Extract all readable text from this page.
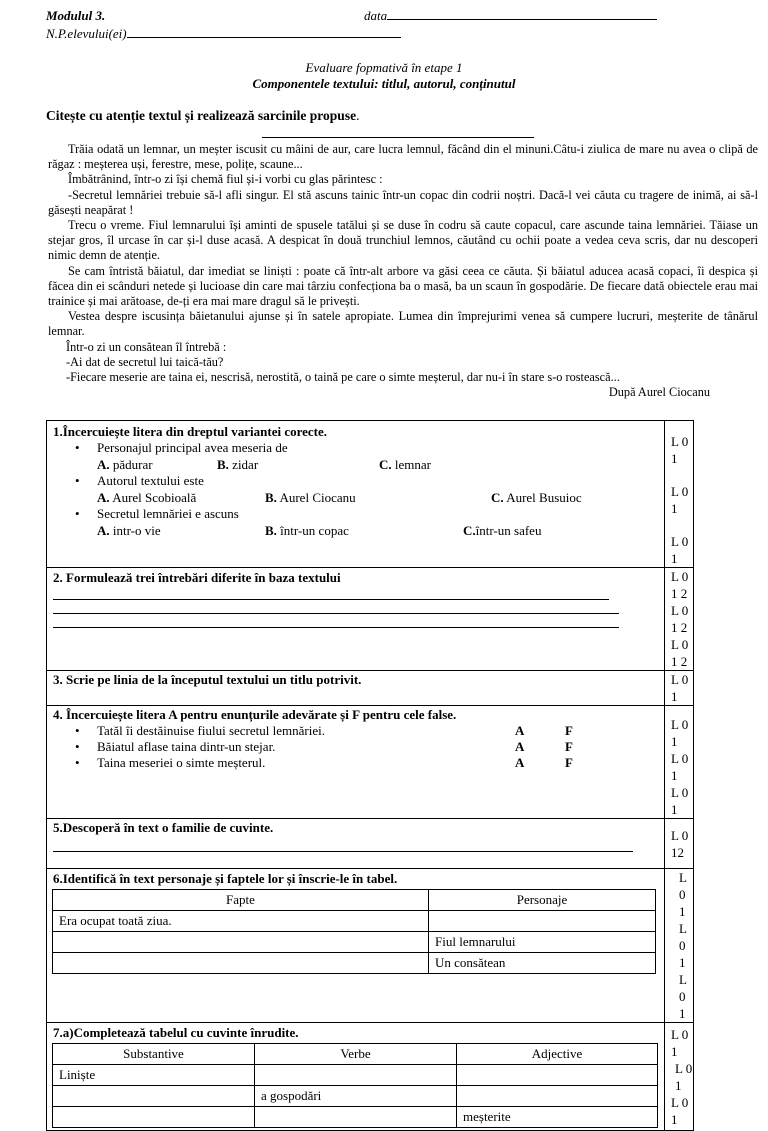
Modulul 3.	data
N.P.elevului(ei)
Evaluare fopmativă în etape 1
Componentele textului: titlul, autorul, conținutul
Citește cu atenție textul și realizează sarcinile propuse.

Trăia odată un lemnar, un meșter iscusit cu mâini de aur, care lucra lemnul, făcând din el minuni.Câtu-i ziulica de mare nu avea o clipă de răgaz : meșterea uși, ferestre, mese, polițe, scaune...

Îmbătrânind, într-o zi își chemă fiul și-i vorbi cu glas părintesc :

-Secretul lemnăriei trebuie să-l afli singur. El stă ascuns tainic într-un copac din codrii noștri. Dacă-l vei căuta cu tragere de inimă, ai să-l găsești neapărat !

Trecu o vreme. Fiul lemnarului își aminti de spusele tatălui și se duse în codru să caute copacul, care ascunde taina lemnăriei. Tăiase un stejar gros, îl urcase în car și-l duse acasă. A despicat în două trunchiul lemnos, căutând cu ochii poate a vedea ceva scris, dar nu descoperi nimic demn de atenție.

Se cam întristă băiatul, dar imediat se liniști : poate că într-alt arbore va găsi ceea ce căuta. Și băiatul aducea acasă copaci, îi despica și făcea din ei scânduri netede și lucioase din care mai târziu confecționa ba o masă, ba un scaun în gospodărie. De fiecare dată obiectele erau mai trainice și mai arătoase, de-ți era mai mare dragul să le privești.

Vestea despre iscusința băietanului ajunse și în satele apropiate. Lumea din împrejurimi venea să cumpere lucruri, meșterite de tânărul lemnar.

Într-o zi un consătean îl întrebă :

-Ai dat de secretul lui taică-tău?

-Fiecare meserie are taina ei, nescrisă, nerostită, o taină pe care o simte meșterul, dar nu-i în stare s-o rostească...

După Aurel Ciocanu

1.Încercuiește litera din dreptul variantei corecte.
• Personajul principal avea meseria de
A. pădurar	B. zidar	C. lemnar
• Autorul textului este
A. Aurel Scobioală	B. Aurel Ciocanu	C. Aurel Busuioc
• Secretul lemnăriei e ascuns
A. intr-o vie	B. într-un copac	C.într-un safeu

L 0 1
L 0 1
L 0 1

2. Formulează trei întrebări diferite în baza textului	L 0 1 2
L 0 1 2
L 0 1 2

3. Scrie pe linia de la începutul textului un titlu potrivit.	L 0 1

4. Încercuiește litera A pentru enunțurile adevărate și F pentru cele false.
• Tatăl îi destăinuise fiului secretul lemnăriei.	A	F
• Băiatul aflase taina dintr-un stejar.	A	F
• Taina meseriei o simte meșterul.	A	F

L 0 1
L 0 1
L 0 1

5.Descoperă în text o familie de cuvinte.	L 0 12

6.Identifică în text personaje și faptele lor și înscrie-le în tabel.
Fapte	Personaje
Era ocupat toată ziua.	
	Fiul lemnarului
	Un consătean

L 0 1
L 0 1
L 0 1

7.a)Completează tabelul cu cuvinte înrudite.
Substantive	Verbe	Adjective
Liniște		
	a gospodări	
		meșterite

L 0 1
L 0 1
L 0 1
